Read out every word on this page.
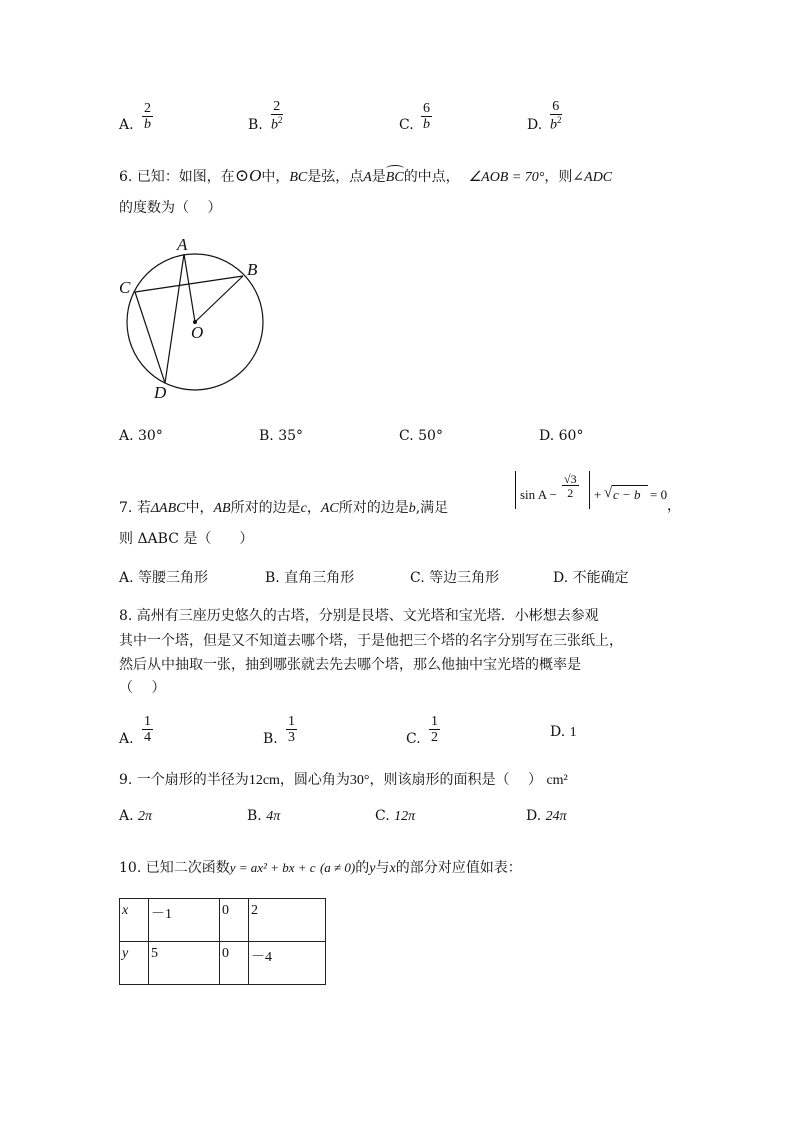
A. $\frac{2}{b}$	B. $\frac{2}{b^2}$	C. $\frac{6}{b}$	D. $\frac{6}{b^2}$
6. 已知：如图，在⊙O中，BC是弦，点A是
BC的中点， ∠AOB = 70°，则∠ADC
的度数为（　 ）
A
B
C
D
O
A. 30°	B. 35°	C. 50°	D. 60°
7. 若ΔABC中，AB所对的边是c，AC所对的边是b,满足
$\sin A - \frac{√3}{2}$ + √ c − b = 0
，
则 ΔABC 是（　　）
A. 等腰三角形	B. 直角三角形	C. 等边三角形	D. 不能确定
8. 高州有三座历史悠久的古塔，分别是艮塔、文光塔和宝光塔．小彬想去参观
其中一个塔，但是又不知道去哪个塔，于是他把三个塔的名字分别写在三张纸上，
然后从中抽取一张，抽到哪张就去先去哪个塔，那么他抽中宝光塔的概率是
（　 ）
A. $\frac{1}{4}$	B. $\frac{1}{3}$	C. $\frac{1}{2}$	D. 1
9. 一个扇形的半径为12cm，圆心角为30°，则该扇形的面积是（　 ） cm²
A. 2π	B. 4π	C. 12π	D. 24π
10. 已知二次函数y = ax² + bx + c (a ≠ 0)的y与x的部分对应值如表：
x	－1	0	2
y	5	0	－4
